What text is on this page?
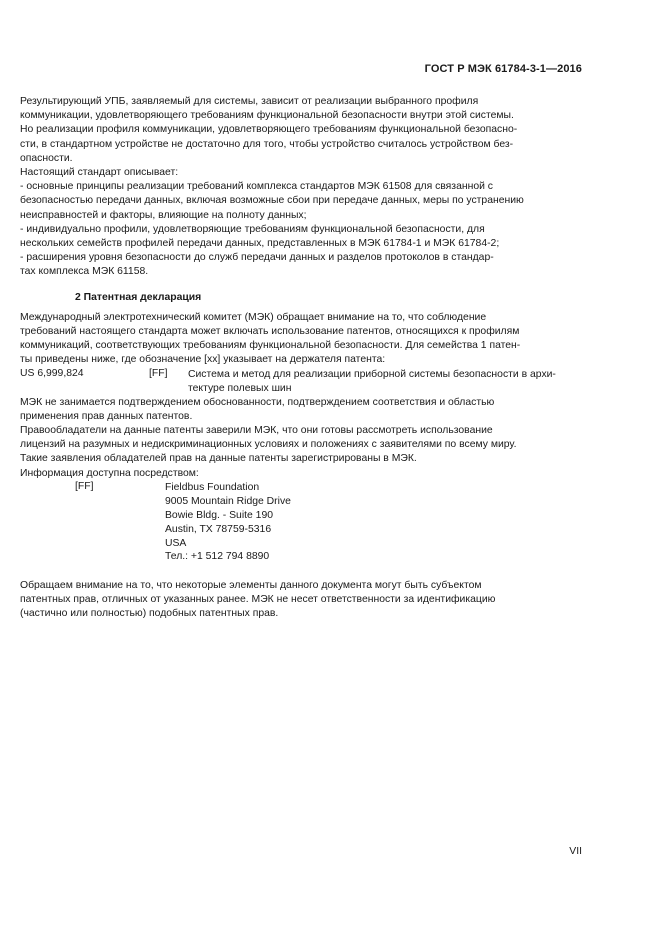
ГОСТ Р МЭК 61784-3-1—2016
Результирующий УПБ, заявляемый для системы, зависит от реализации выбранного профиля
коммуникации, удовлетворяющего требованиям функциональной безопасности внутри этой системы.
Но реализации профиля коммуникации, удовлетворяющего требованиям функциональной безопасно-
сти, в стандартном устройстве не достаточно для того, чтобы устройство считалось устройством без-
опасности.
Настоящий стандарт описывает:
- основные принципы реализации требований комплекса стандартов МЭК 61508 для связанной с
безопасностью передачи данных, включая возможные сбои при передаче данных, меры по устранению
неисправностей и факторы, влияющие на полноту данных;
- индивидуально профили, удовлетворяющие требованиям функциональной безопасности, для
нескольких семейств профилей передачи данных, представленных в МЭК 61784-1 и МЭК 61784-2;
- расширения уровня безопасности до служб передачи данных и разделов протоколов в стандар-
тах комплекса МЭК 61158.
2 Патентная декларация
Международный электротехнический комитет (МЭК) обращает внимание на то, что соблюдение
требований настоящего стандарта может включать использование патентов, относящихся к профилям
коммуникаций, соответствующих требованиям функциональной безопасности. Для семейства 1 патен-
ты приведены ниже, где обозначение [xx] указывает на держателя патента:
US 6,999,824	[FF] Система и метод для реализации приборной системы безопасности в архи-
тектуре полевых шин
МЭК не занимается подтверждением обоснованности, подтверждением соответствия и областью
применения прав данных патентов.
Правообладатели на данные патенты заверили МЭК, что они готовы рассмотреть использование
лицензий на разумных и недискриминационных условиях и положениях с заявителями по всему миру.
Такие заявления обладателей прав на данные патенты зарегистрированы в МЭК.
Информация доступна посредством:
[FF]	Fieldbus Foundation
9005 Mountain Ridge Drive
Bowie Bldg. - Suite 190
Austin, TX 78759-5316
USA
Тел.: +1 512 794 8890
Обращаем внимание на то, что некоторые элементы данного документа могут быть субъектом
патентных прав, отличных от указанных ранее. МЭК не несет ответственности за идентификацию
(частично или полностью) подобных патентных прав.
VII
